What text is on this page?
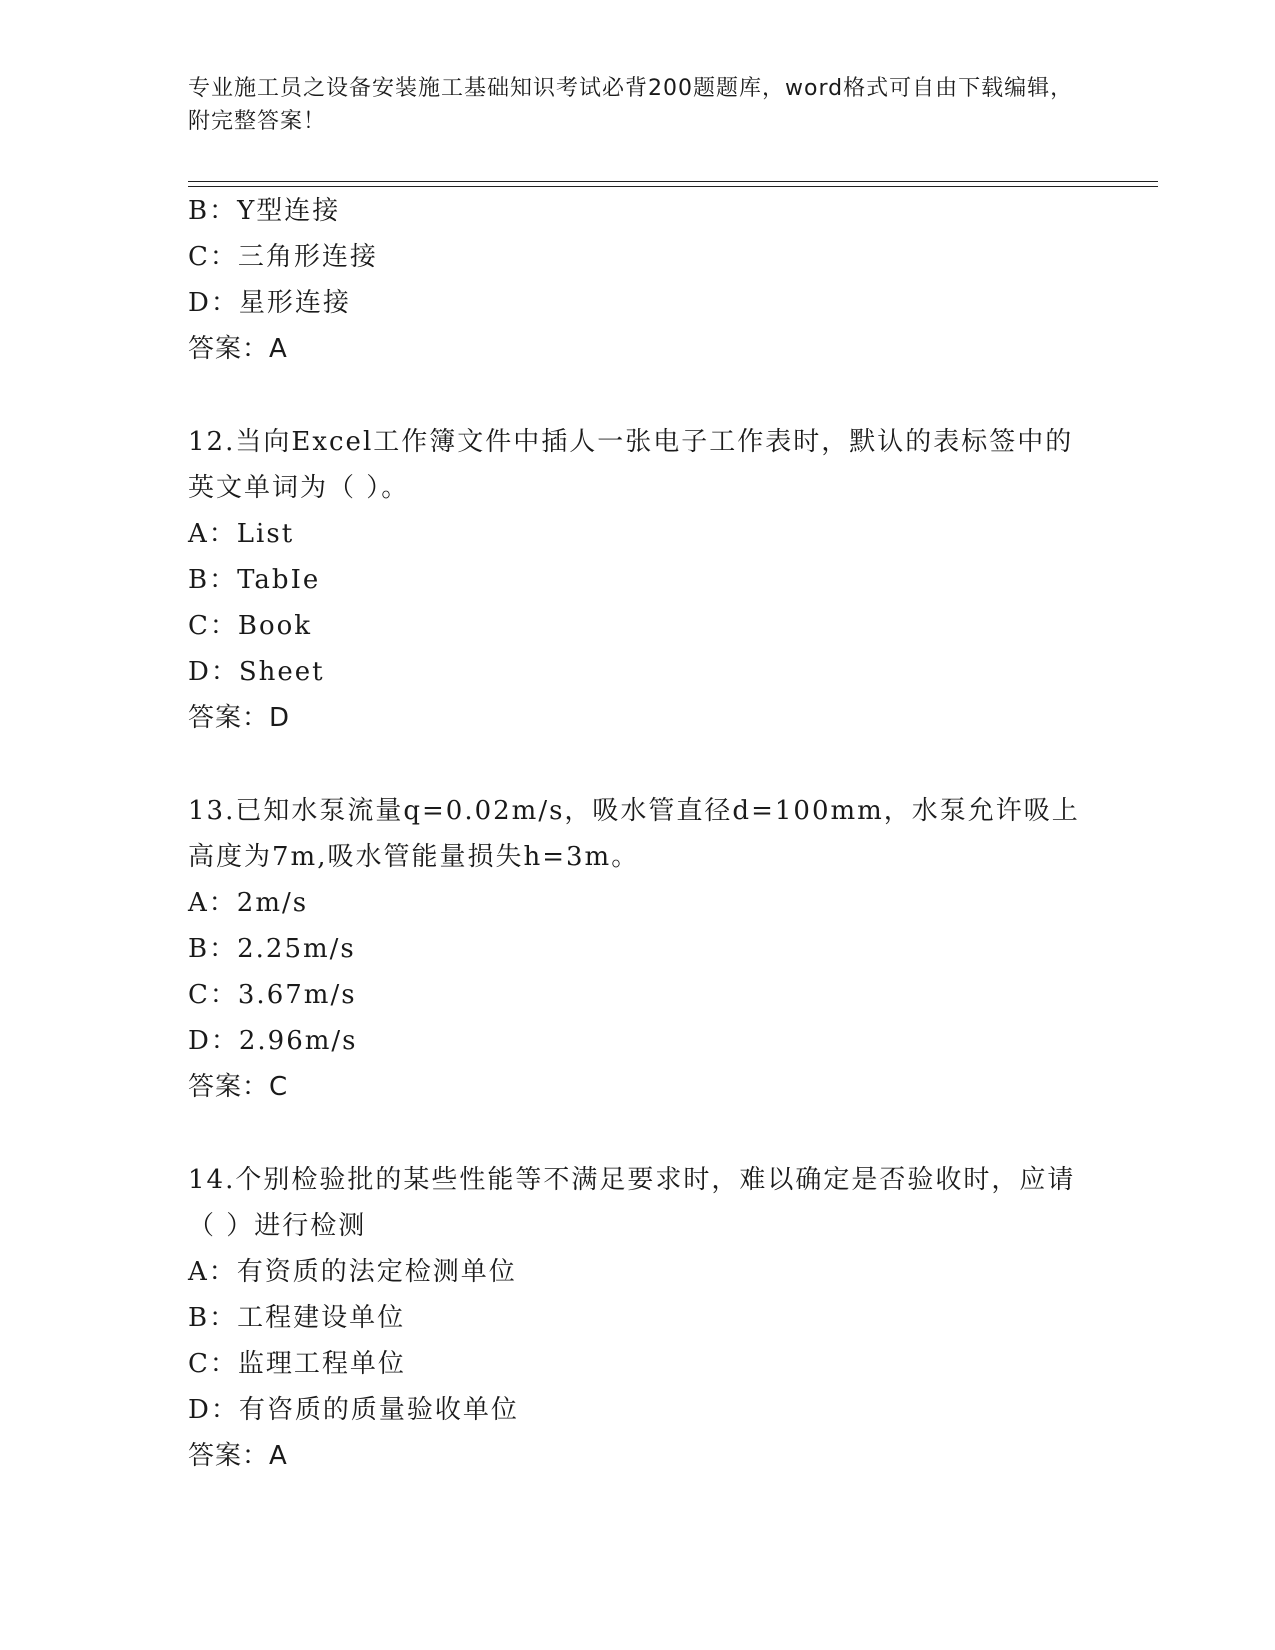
专业施工员之设备安装施工基础知识考试必背200题题库，word格式可自由下载编辑，附完整答案！
B：Y型连接
C：三角形连接
D：星形连接
答案：A
12.当向Excel工作簿文件中插人一张电子工作表时，默认的表标签中的英文单词为（ ）。
A：List
B：TabIe
C：Book
D：Sheet
答案：D
13.已知水泵流量q=0.02m/s，吸水管直径d=100mm，水泵允许吸上高度为7m,吸水管能量损失h=3m。
A：2m/s
B：2.25m/s
C：3.67m/s
D：2.96m/s
答案：C
14.个别检验批的某些性能等不满足要求时，难以确定是否验收时，应请（ ）进行检测
A：有资质的法定检测单位
B：工程建设单位
C：监理工程单位
D：有咨质的质量验收单位
答案：A
